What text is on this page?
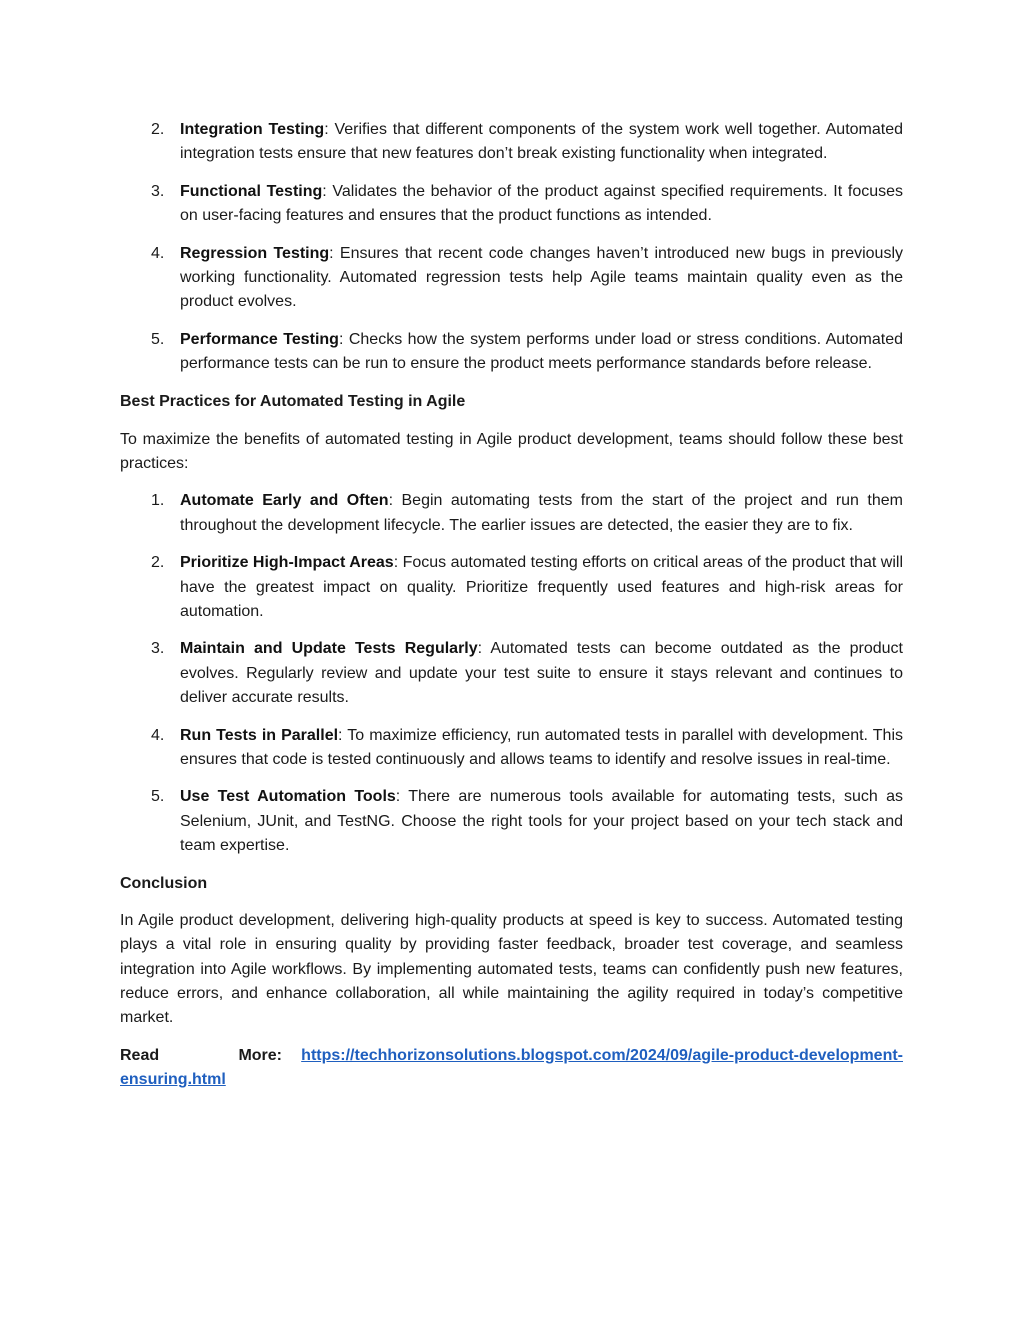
2. Integration Testing: Verifies that different components of the system work well together. Automated integration tests ensure that new features don’t break existing functionality when integrated.
3. Functional Testing: Validates the behavior of the product against specified requirements. It focuses on user-facing features and ensures that the product functions as intended.
4. Regression Testing: Ensures that recent code changes haven’t introduced new bugs in previously working functionality. Automated regression tests help Agile teams maintain quality even as the product evolves.
5. Performance Testing: Checks how the system performs under load or stress conditions. Automated performance tests can be run to ensure the product meets performance standards before release.
Best Practices for Automated Testing in Agile
To maximize the benefits of automated testing in Agile product development, teams should follow these best practices:
1. Automate Early and Often: Begin automating tests from the start of the project and run them throughout the development lifecycle. The earlier issues are detected, the easier they are to fix.
2. Prioritize High-Impact Areas: Focus automated testing efforts on critical areas of the product that will have the greatest impact on quality. Prioritize frequently used features and high-risk areas for automation.
3. Maintain and Update Tests Regularly: Automated tests can become outdated as the product evolves. Regularly review and update your test suite to ensure it stays relevant and continues to deliver accurate results.
4. Run Tests in Parallel: To maximize efficiency, run automated tests in parallel with development. This ensures that code is tested continuously and allows teams to identify and resolve issues in real-time.
5. Use Test Automation Tools: There are numerous tools available for automating tests, such as Selenium, JUnit, and TestNG. Choose the right tools for your project based on your tech stack and team expertise.
Conclusion
In Agile product development, delivering high-quality products at speed is key to success. Automated testing plays a vital role in ensuring quality by providing faster feedback, broader test coverage, and seamless integration into Agile workflows. By implementing automated tests, teams can confidently push new features, reduce errors, and enhance collaboration, all while maintaining the agility required in today’s competitive market.
Read	More: https://techhorizonsolutions.blogspot.com/2024/09/agile-product-development-
ensuring.html
